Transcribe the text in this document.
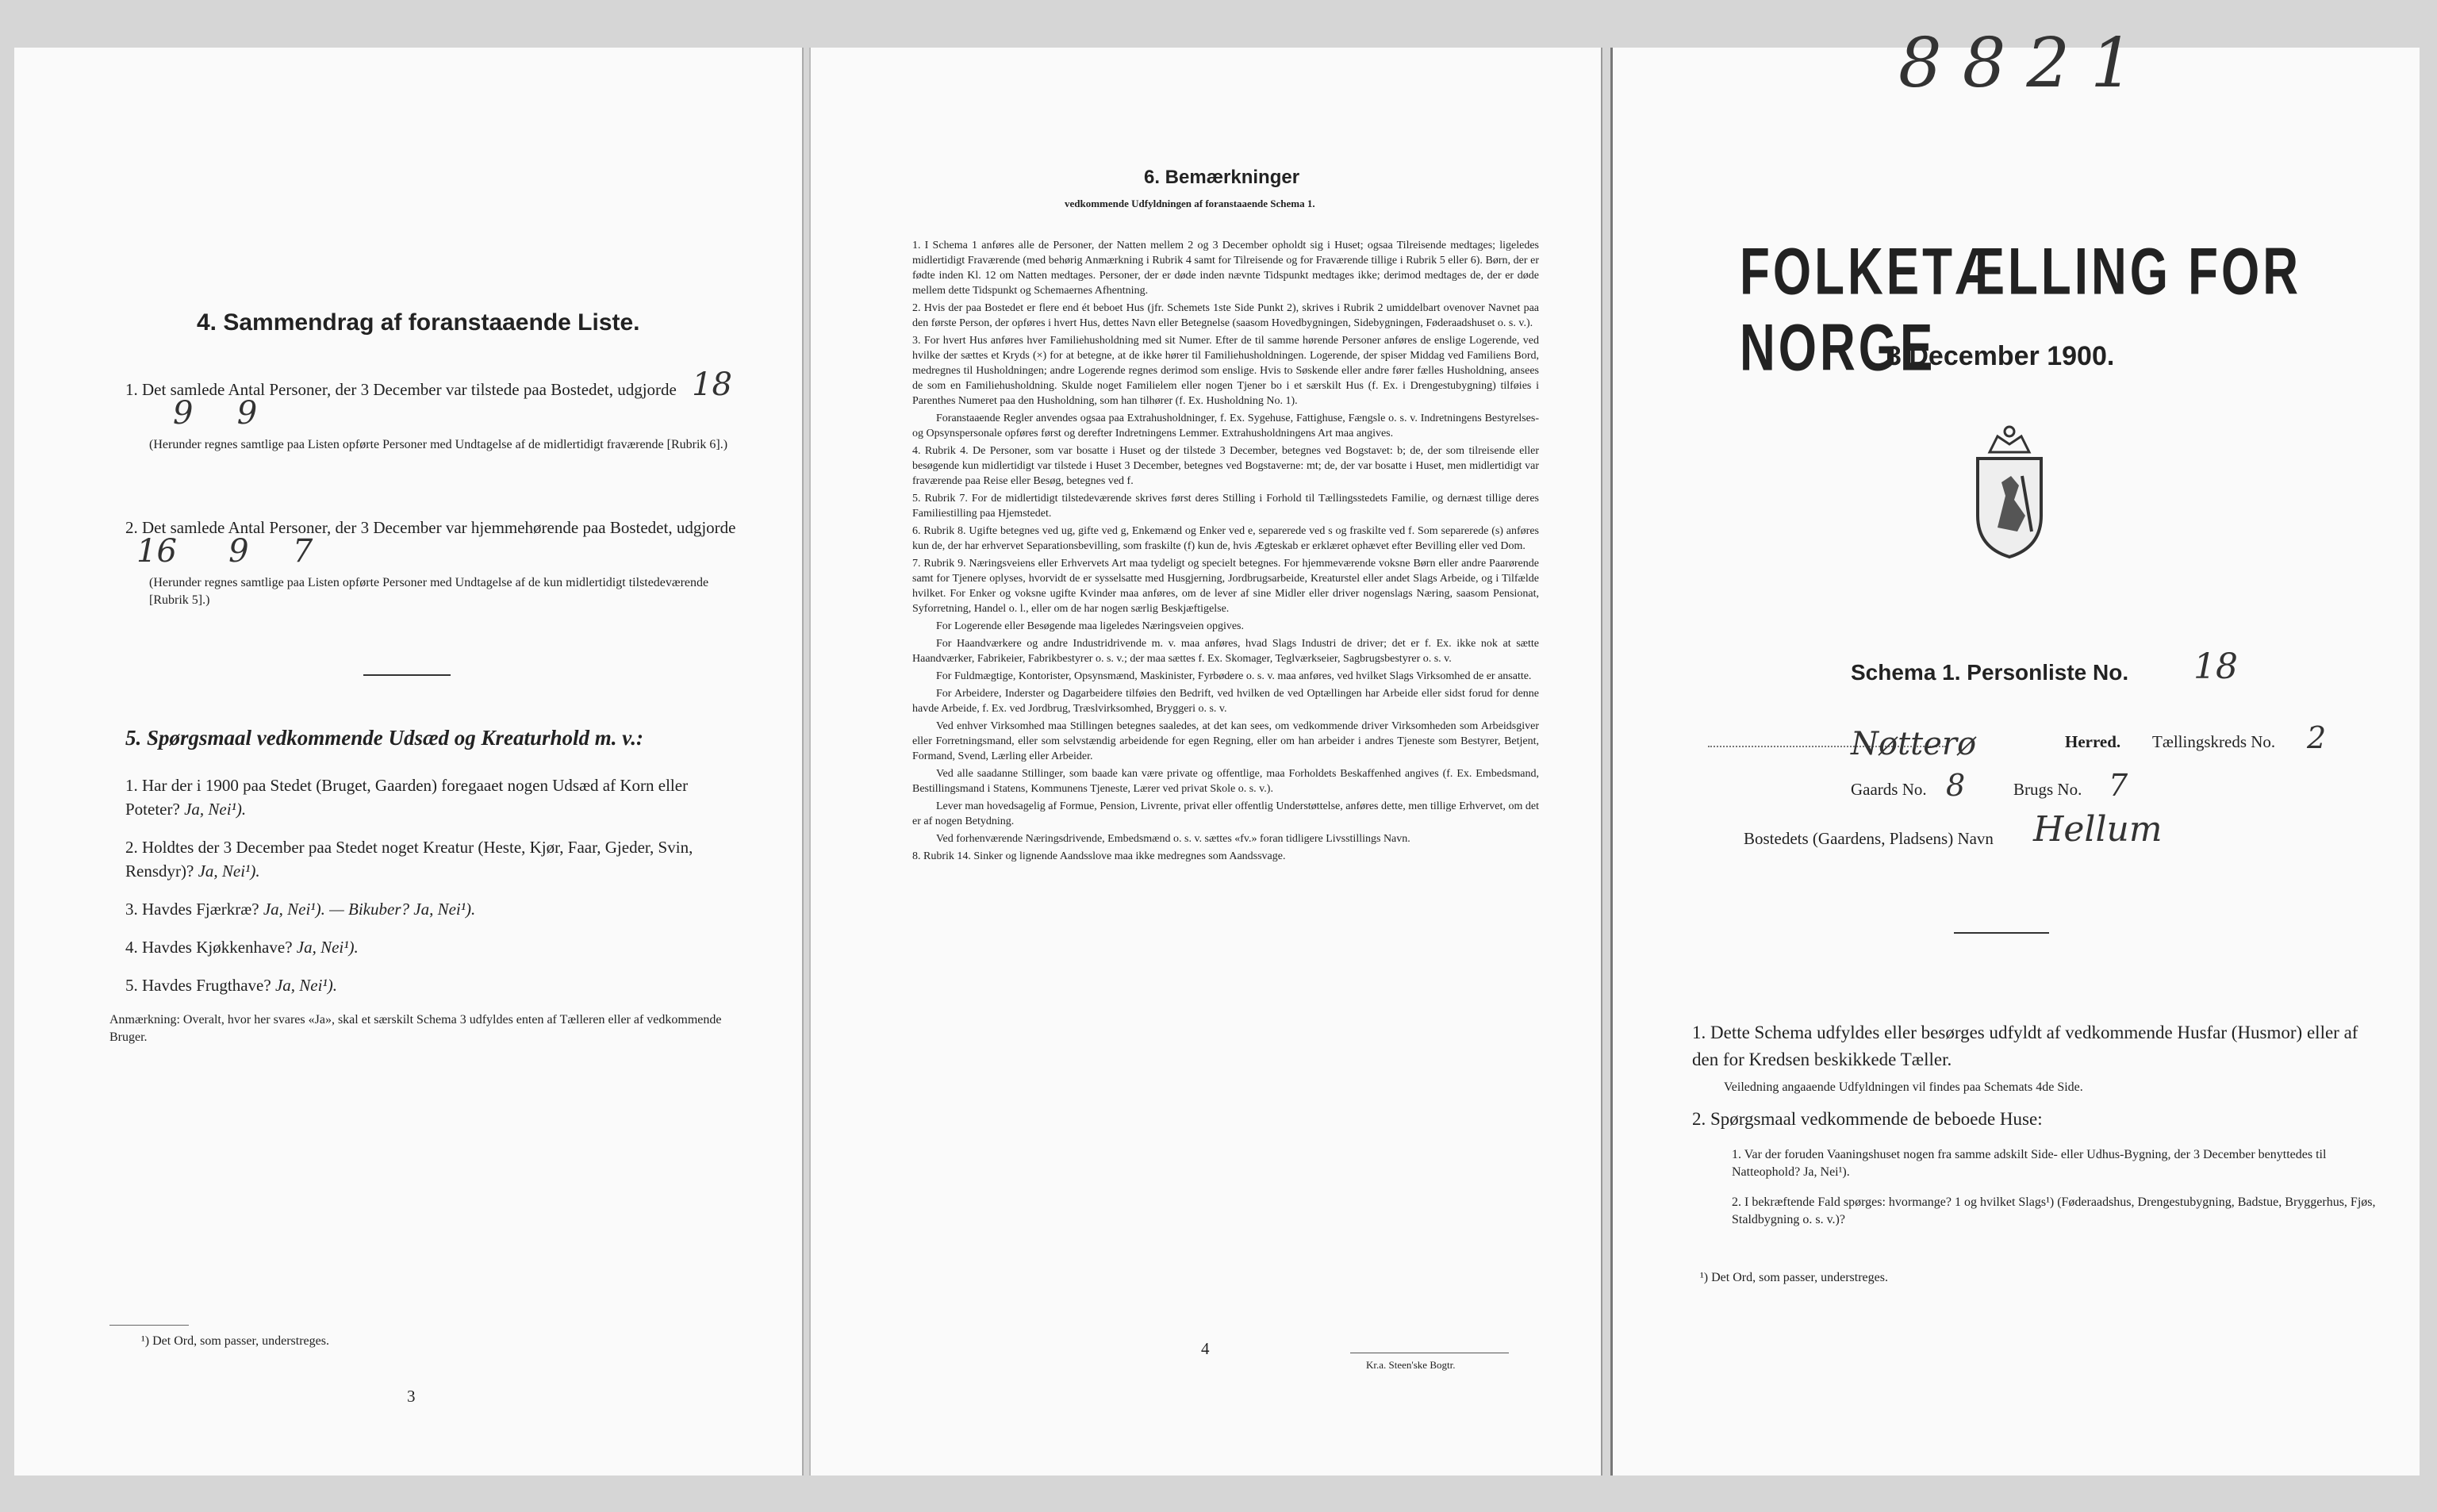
4. Sammendrag af foranstaaende Liste.
1. Det samlede Antal Personer, der 3 December var tilstede paa Bostedet, udgjorde 18 9 9
(Herunder regnes samtlige paa Listen opførte Personer med Undtagelse af de midlertidigt fraværende [Rubrik 6].)
2. Det samlede Antal Personer, der 3 December var hjemmehørende paa Bostedet, udgjorde 16 9 7
(Herunder regnes samtlige paa Listen opførte Personer med Undtagelse af de kun midlertidigt tilstedeværende [Rubrik 5].)
5. Spørgsmaal vedkommende Udsæd og Kreaturhold m. v.:
1. Har der i 1900 paa Stedet (Bruget, Gaarden) foregaaet nogen Udsæd af Korn eller Poteter? Ja, Nei¹).
2. Holdtes der 3 December paa Stedet noget Kreatur (Heste, Kjør, Faar, Gjeder, Svin, Rensdyr)? Ja, Nei¹).
3. Havdes Fjærkræ? Ja, Nei¹). — Bikuber? Ja, Nei¹).
4. Havdes Kjøkkenhave? Ja, Nei¹).
5. Havdes Frugthave? Ja, Nei¹).
Anmærkning: Overalt, hvor her svares «Ja», skal et særskilt Schema 3 udfyldes enten af Tælleren eller af vedkommende Bruger.
¹) Det Ord, som passer, understreges.
3
6. Bemærkninger
vedkommende Udfyldningen af foranstaaende Schema 1.

1. I Schema 1 anføres alle de Personer, der Natten mellem 2 og 3 December opholdt sig i Huset; ogsaa Tilreisende medtages; ligeledes midlertidigt Fraværende (med behørig Anmærkning i Rubrik 4 samt for Tilreisende og for Fraværende tillige i Rubrik 5 eller 6). Børn, der er fødte inden Kl. 12 om Natten medtages. Personer, der er døde inden nævnte Tidspunkt medtages ikke; derimod medtages de, der er døde mellem dette Tidspunkt og Schemaernes Afhentning.

2. Hvis der paa Bostedet er flere end ét beboet Hus (jfr. Schemets 1ste Side Punkt 2), skrives i Rubrik 2 umiddelbart ovenover Navnet paa den første Person, der opføres i hvert Hus, dettes Navn eller Betegnelse (saasom Hovedbygningen, Sidebygningen, Føderaadshuset o. s. v.).

3. For hvert Hus anføres hver Familiehusholdning med sit Numer. Efter de til samme hørende Personer anføres de enslige Logerende, ved hvilke der sættes et Kryds (×) for at betegne, at de ikke hører til Familiehusholdningen. Logerende, der spiser Middag ved Familiens Bord, medregnes til Husholdningen; andre Logerende regnes derimod som enslige. Hvis to Søskende eller andre fører fælles Husholdning, ansees de som en Familiehusholdning. Skulde noget Familielem eller nogen Tjener bo i et særskilt Hus (f. Ex. i Drengestubygning) tilføies i Parenthes Numeret paa den Husholdning, som han tilhører (f. Ex. Husholdning No. 1).

Foranstaaende Regler anvendes ogsaa paa Extrahusholdninger, f. Ex. Sygehuse, Fattighuse, Fængsle o. s. v. Indretningens Bestyrelses- og Opsynspersonale opføres først og derefter Indretningens Lemmer. Extrahusholdningens Art maa angives.

4. Rubrik 4. De Personer, som var bosatte i Huset og der tilstede 3 December, betegnes ved Bogstavet: b; de, der som tilreisende eller besøgende kun midlertidigt var tilstede i Huset 3 December, betegnes ved Bogstaverne: mt; de, der var bosatte i Huset, men midlertidigt var fraværende paa Reise eller Besøg, betegnes ved f.

5. Rubrik 7. For de midlertidigt tilstedeværende skrives først deres Stilling i Forhold til Tællingsstedets Familie, og dernæst tillige deres Familiestilling paa Hjemstedet.

6. Rubrik 8. Ugifte betegnes ved ug, gifte ved g, Enkemænd og Enker ved e, separerede ved s og fraskilte ved f. Som separerede (s) anføres kun de, der har erhvervet Separationsbevilling, som fraskilte (f) kun de, hvis Ægteskab er erklæret ophævet efter Bevilling eller ved Dom.

7. Rubrik 9. Næringsveiens eller Erhvervets Art maa tydeligt og specielt betegnes. For hjemmeværende voksne Børn eller andre Paarørende samt for Tjenere oplyses, hvorvidt de er sysselsatte med Husgjerning, Jordbrugsarbeide, Kreaturstel eller andet Slags Arbeide, og i Tilfælde hvilket. For Enker og voksne ugifte Kvinder maa anføres, om de lever af sine Midler eller driver nogenslags Næring, saasom Pensionat, Syforretning, Handel o. l., eller om de har nogen særlig Beskjæftigelse.

For Logerende eller Besøgende maa ligeledes Næringsveien opgives.

For Haandværkere og andre Industridrivende m. v. maa anføres, hvad Slags Industri de driver; det er f. Ex. ikke nok at sætte Haandværker, Fabrikeier, Fabrikbestyrer o. s. v.; der maa sættes f. Ex. Skomager, Teglværkseier, Sagbrugsbestyrer o. s. v.

For Fuldmægtige, Kontorister, Opsynsmænd, Maskinister, Fyrbødere o. s. v. maa anføres, ved hvilket Slags Virksomhed de er ansatte.

For Arbeidere, Inderster og Dagarbeidere tilføies den Bedrift, ved hvilken de ved Optællingen har Arbeide eller sidst forud for denne havde Arbeide, f. Ex. ved Jordbrug, Træslvirksomhed, Bryggeri o. s. v.

Ved enhver Virksomhed maa Stillingen betegnes saaledes, at det kan sees, om vedkommende driver Virksomheden som Arbeidsgiver eller Forretningsmand, eller som selvstændig arbeidende for egen Regning, eller om han arbeider i andres Tjeneste som Bestyrer, Betjent, Formand, Svend, Lærling eller Arbeider.

Ved alle saadanne Stillinger, som baade kan være private og offentlige, maa Forholdets Beskaffenhed angives (f. Ex. Embedsmand, Bestillingsmand i Statens, Kommunens Tjeneste, Lærer ved privat Skole o. s. v.).

Lever man hovedsagelig af Formue, Pension, Livrente, privat eller offentlig Understøttelse, anføres dette, men tillige Erhvervet, om det er af nogen Betydning.

Ved forhenværende Næringsdrivende, Embedsmænd o. s. v. sættes «fv.» foran tidligere Livsstillings Navn.

8. Rubrik 14. Sinker og lignende Aandsslove maa ikke medregnes som Aandssvage.

4
Kr.a. Steen'ske Bogtr.
8821
FOLKETÆLLING FOR NORGE
3 December 1900.
Schema 1. Personliste No. 18
Nøtterø	Herred. Tællingskreds No. 2
Gaards No. 8	Brugs No. 7
Bostedets (Gaardens, Pladsens) Navn Hellum
1. Dette Schema udfyldes eller besørges udfyldt af vedkommende Husfar (Husmor) eller af den for Kredsen beskikkede Tæller.
Veiledning angaaende Udfyldningen vil findes paa Schemats 4de Side.
2. Spørgsmaal vedkommende de beboede Huse:
1. Var der foruden Vaaningshuset nogen fra samme adskilt Side- eller Udhus-Bygning, der 3 December benyttedes til Natteophold? Ja, Nei¹).
2. I bekræftende Fald spørges: hvormange? 1 og hvilket Slags¹) (Føderaadshus, Drengestubygning, Badstue, Bryggerhus, Fjøs, Staldbygning o. s. v.)?
¹) Det Ord, som passer, understreges.
